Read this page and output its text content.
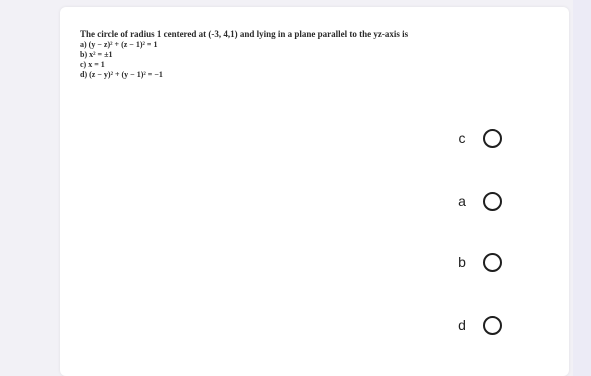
The circle of radius 1 centered at (-3, 4,1) and lying in a plane parallel to the yz-axis is
a) (y − z)² + (z − 1)² = 1
b) x² = ±1
c) x = 1
d) (z − y)² + (y − 1)² = −1
c
a
b
d
